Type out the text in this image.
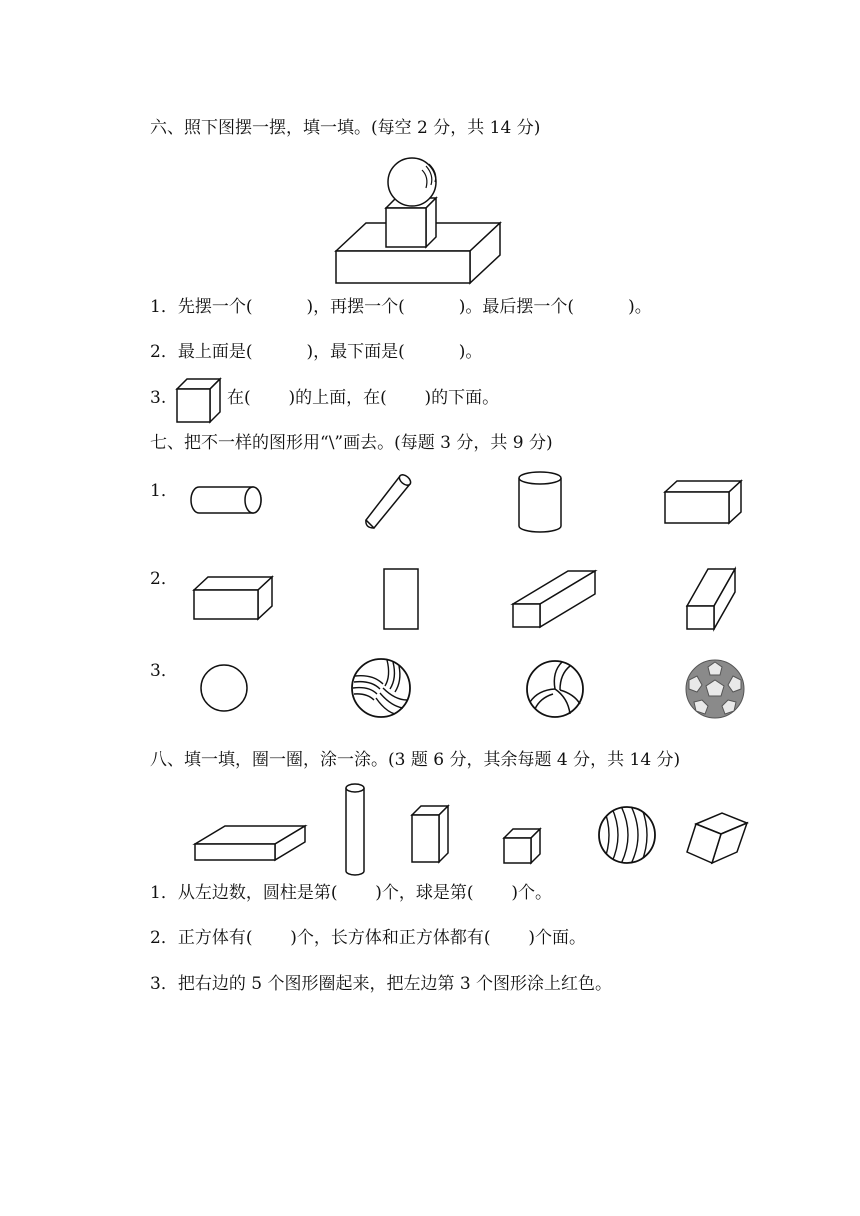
六、照下图摆一摆，填一填。(每空 2 分，共 14 分)
1．先摆一个(          )，再摆一个(          )。最后摆一个(          )。
2．最上面是(          )，最下面是(          )。
3.	在(       )的上面，在(       )的下面。
七、把不一样的图形用“\”画去。(每题 3 分，共 9 分)
1．
2．
3．
八、填一填，圈一圈，涂一涂。(3 题 6 分，其余每题 4 分，共 14 分)
1．从左边数，圆柱是第(       )个，球是第(       )个。
2．正方体有(       )个，长方体和正方体都有(       )个面。
3．把右边的 5 个图形圈起来，把左边第 3 个图形涂上红色。
